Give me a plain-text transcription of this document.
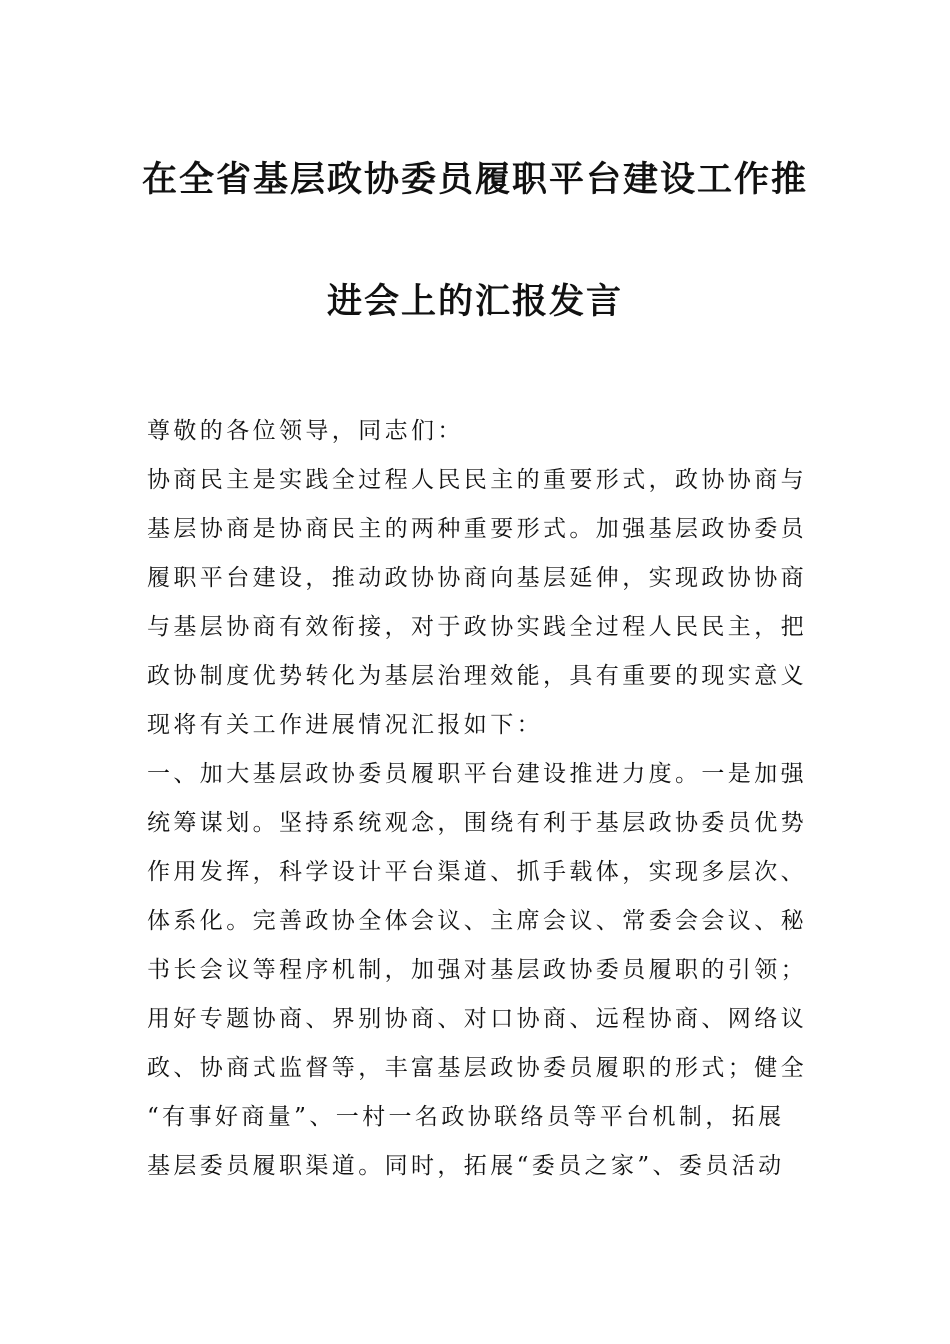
在全省基层政协委员履职平台建设工作推
进会上的汇报发言
尊敬的各位领导，同志们：
协商民主是实践全过程人民民主的重要形式，政协协商与
基层协商是协商民主的两种重要形式。加强基层政协委员
履职平台建设，推动政协协商向基层延伸，实现政协协商
与基层协商有效衔接，对于政协实践全过程人民民主，把
政协制度优势转化为基层治理效能，具有重要的现实意义
现将有关工作进展情况汇报如下：
一、加大基层政协委员履职平台建设推进力度。一是加强
统筹谋划。坚持系统观念，围绕有利于基层政协委员优势
作用发挥，科学设计平台渠道、抓手载体，实现多层次、
体系化。完善政协全体会议、主席会议、常委会会议、秘
书长会议等程序机制，加强对基层政协委员履职的引领；
用好专题协商、界别协商、对口协商、远程协商、网络议
政、协商式监督等，丰富基层政协委员履职的形式；健全
“有事好商量”、一村一名政协联络员等平台机制，拓展
基层委员履职渠道。同时，拓展“委员之家”、委员活动
